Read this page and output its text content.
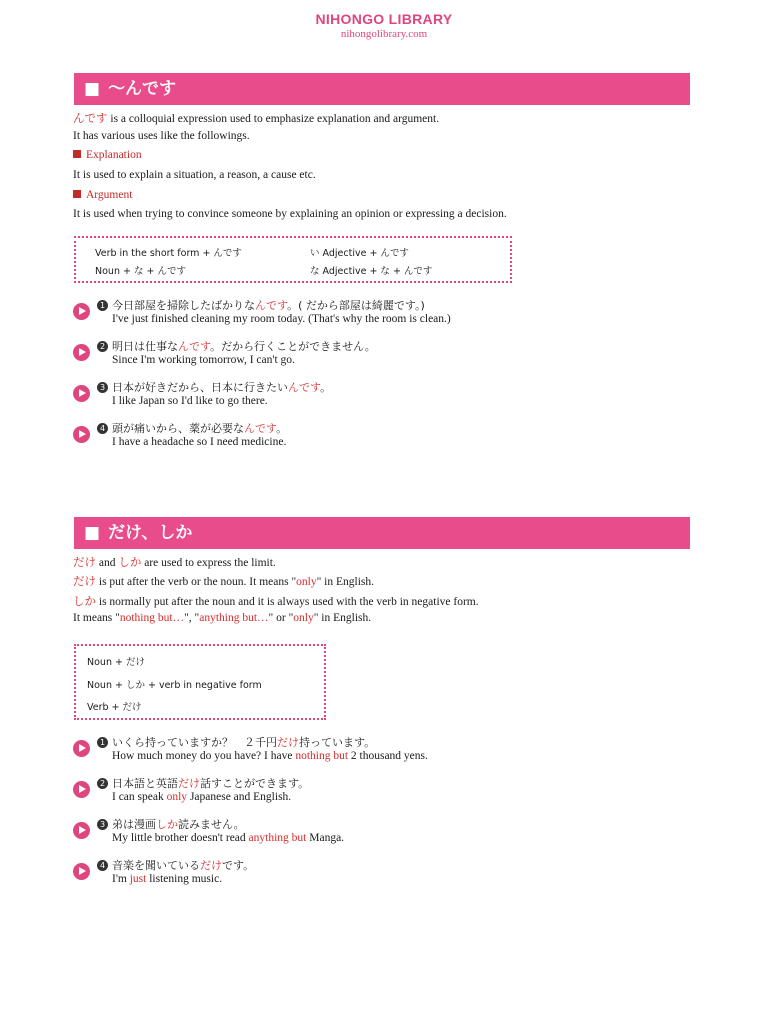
NIHONGO LIBRARY
nihongolibrary.com
■ 〜んです
んです is a colloquial expression used to emphasize explanation and argument.
It has various uses like the followings.
Explanation
It is used to explain a situation, a reason, a cause etc.
Argument
It is used when trying to convince someone by explaining an opinion or expressing a decision.
Verb in the short form + んです	い Adjective + んです
Noun + な + んです	な Adjective + な + んです
1 今日部屋を掃除したばかりなんです。( だから部屋は綺麗です。)
I've just finished cleaning my room today. (That's why the room is clean.)
2 明日は仕事なんです。だから行くことができません。
Since I'm working tomorrow, I can't go.
3 日本が好きだから、日本に行きたいんです。
I like Japan so I'd like to go there.
4 頭が痛いから、薬が必要なんです。
I have a headache so I need medicine.
■ だけ、しか
だけ and しか are used to express the limit.
だけ is put after the verb or the noun. It means "only" in English.
しか is normally put after the noun and it is always used with the verb in negative form.
It means "nothing but…", "anything but…" or "only" in English.
Noun + だけ
Noun + しか + verb in negative form
Verb + だけ
1 いくら持っていますか？　２千円だけ持っています。
How much money do you have? I have nothing but 2 thousand yens.
2 日本語と英語だけ話すことができます。
I can speak only Japanese and English.
3 弟は漫画しか読みません。
My little brother doesn't read anything but Manga.
4 音楽を聞いているだけです。
I'm just listening music.
